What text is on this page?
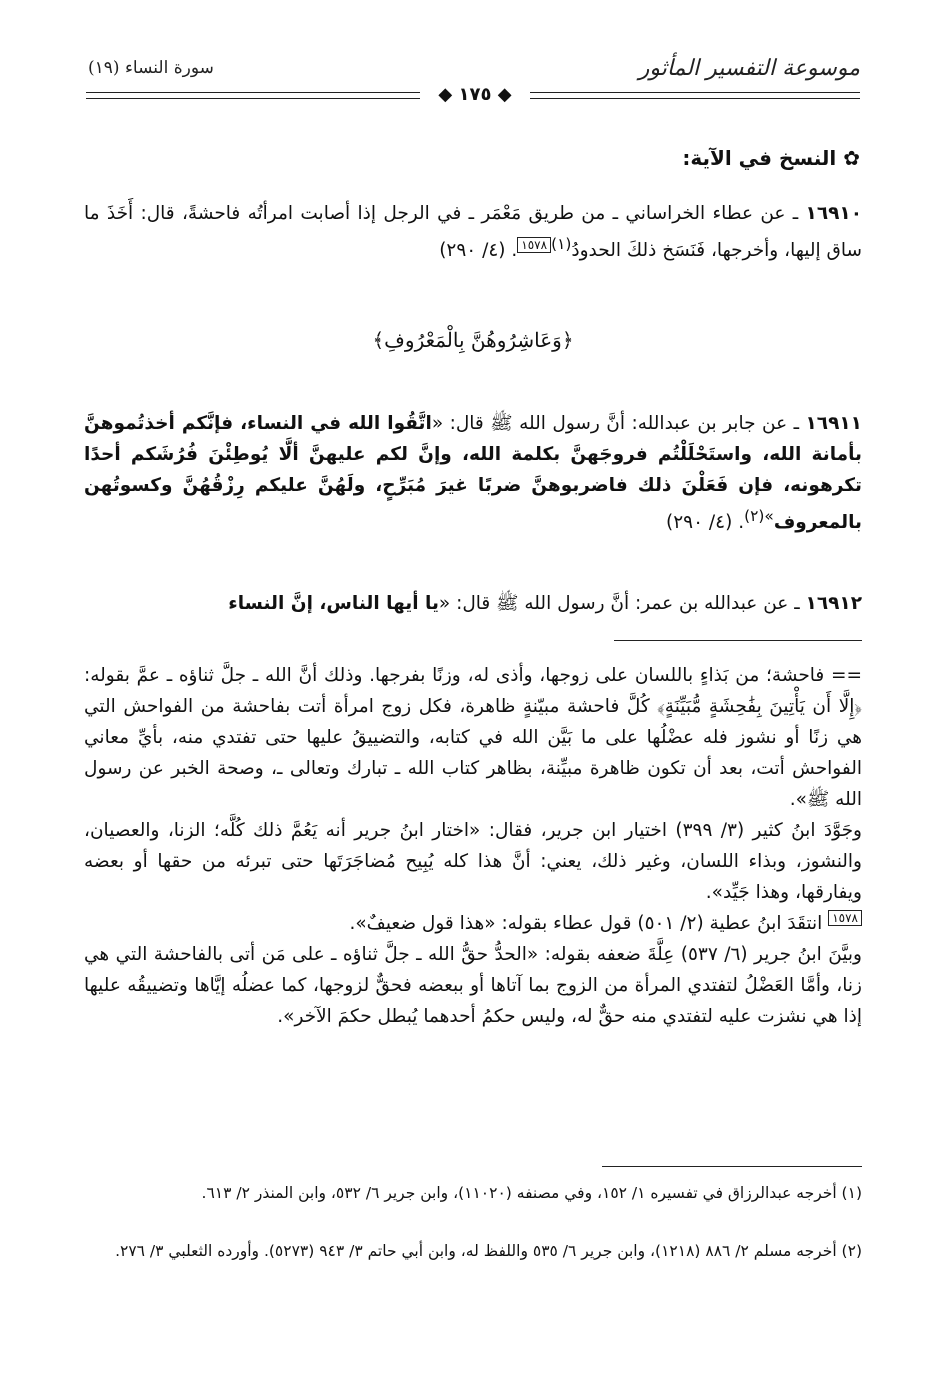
موسوعة التفسير المأثور
سورة النساء (١٩)
◆ ١٧٥ ◆
✿ النسخ في الآية:
١٦٩١٠ ـ عن عطاء الخراساني ـ من طريق مَعْمَر ـ في الرجل إذا أصابت امرأتُه فاحشةً، قال: أَخَذَ ما ساق إليها، وأخرجها، فَنَسَخ ذلكَ الحدودُ$^{(١)}$١٥٧٨. (٤/ ٢٩٠)
﴿وَعَاشِرُوهُنَّ بِالْمَعْرُوفِ﴾
١٦٩١١ ـ عن جابر بن عبدالله: أنَّ رسول الله ﷺ قال: «اتَّقُوا الله في النساء، فإنَّكم أخذتُموهنَّ بأمانة الله، واستَحْلَلْتُم فروجَهنَّ بكلمة الله، وإنَّ لكم عليهنَّ ألَّا يُوطِئْنَ فُرُشَكم أحدًا تكرهونه، فإن فَعَلْنَ ذلك فاضربوهنَّ ضربًا غيرَ مُبَرِّحٍ، ولَهُنَّ عليكم رِزْقُهُنَّ وكسوتُهن بالمعروف$^{»(٢)}$. (٤/ ٢٩٠)
١٦٩١٢ ـ عن عبدالله بن عمر: أنَّ رسول الله ﷺ قال: «يا أيها الناس، إنَّ النساء
== فاحشة؛ من بَذاءٍ باللسان على زوجها، وأذى له، وزنًا بفرجها. وذلك أنَّ الله ـ جلَّ ثناؤه ـ عمَّ بقوله: ﴿إِلَّا أَن يَأْتِينَ بِفَٰحِشَةٍ مُّبَيِّنَةٍ﴾ كُلَّ فاحشة مبيّنةٍ ظاهرة، فكل زوج امرأة أتت بفاحشة من الفواحش التي هي زنًا أو نشوز فله عضْلُها على ما بَيَّن الله في كتابه، والتضييقُ عليها حتى تفتدي منه، بأيِّ معاني الفواحش أتت، بعد أن تكون ظاهرة مبيِّنة، بظاهر كتاب الله ـ تبارك وتعالى ـ، وصحة الخبر عن رسول الله ﷺ».
وجَوَّدَ ابنُ كثير (٣/ ٣٩٩) اختيار ابن جرير، فقال: «اختار ابنُ جرير أنه يَعُمَّ ذلك كُلَّه؛ الزنا، والعصيان، والنشوز، وبذاء اللسان، وغير ذلك، يعني: أنَّ هذا كله يُبِيح مُضاجَرَتَها حتى تبرئه من حقها أو بعضه ويفارقها، وهذا جَيِّد».
١٥٧٨ انتقَدَ ابنُ عطية (٢/ ٥٠١) قول عطاء بقوله: «هذا قول ضعيفٌ».
وبيَّنَ ابنُ جرير (٦/ ٥٣٧) عِلَّةَ ضعفه بقوله: «الحدُّ حقُّ الله ـ جلَّ ثناؤه ـ على مَن أتى بالفاحشة التي هي زنا، وأمَّا العَضْلُ لتفتدي المرأة من الزوج بما آتاها أو ببعضه فحقٌّ لزوجها، كما عضلُه إيَّاها وتضييقُه عليها إذا هي نشزت عليه لتفتدي منه حقٌّ له، وليس حكمُ أحدهما يُبطل حكمَ الآخر».
(١) أخرجه عبدالرزاق في تفسيره ١/ ١٥٢، وفي مصنفه (١١٠٢٠)، وابن جرير ٦/ ٥٣٢، وابن المنذر ٢/ ٦١٣.
(٢) أخرجه مسلم ٢/ ٨٨٦ (١٢١٨)، وابن جرير ٦/ ٥٣٥ واللفظ له، وابن أبي حاتم ٣/ ٩٤٣ (٥٢٧٣). وأورده الثعلبي ٣/ ٢٧٦.
